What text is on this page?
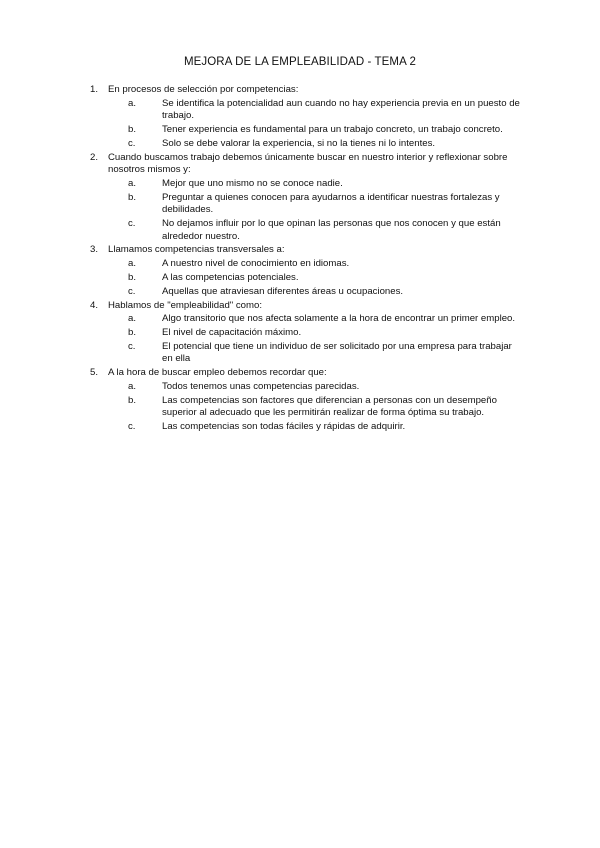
MEJORA DE LA EMPLEABILIDAD - TEMA 2
1. En procesos de selección por competencias:
a.	Se identifica la potencialidad aun cuando no hay experiencia previa en un puesto de trabajo.
b.	Tener experiencia es fundamental para un trabajo concreto, un trabajo concreto.
c.	Solo se debe valorar la experiencia, si no la tienes ni lo intentes.
2. Cuando buscamos trabajo debemos únicamente buscar en nuestro interior y reflexionar sobre nosotros mismos y:
a.	Mejor que uno mismo no se conoce nadie.
b.	Preguntar a quienes conocen para ayudarnos a identificar nuestras fortalezas y debilidades.
c.	No dejamos influir por lo que opinan las personas que nos conocen y que están alrededor nuestro.
3. Llamamos competencias transversales a:
a.	A nuestro nivel de conocimiento en idiomas.
b.	A las competencias potenciales.
c.	Aquellas que atraviesan diferentes áreas u ocupaciones.
4. Hablamos de "empleabilidad" como:
a.	Algo transitorio que nos afecta solamente a la hora de encontrar un primer empleo.
b.	El nivel de capacitación máximo.
c.	El potencial que tiene un individuo de ser solicitado por una empresa para trabajar en ella
5. A la hora de buscar empleo debemos recordar que:
a.	Todos tenemos unas competencias parecidas.
b.	Las competencias son factores que diferencian a personas con un desempeño superior al adecuado que les permitirán realizar de forma óptima su trabajo.
c.	Las competencias son todas fáciles y rápidas de adquirir.
